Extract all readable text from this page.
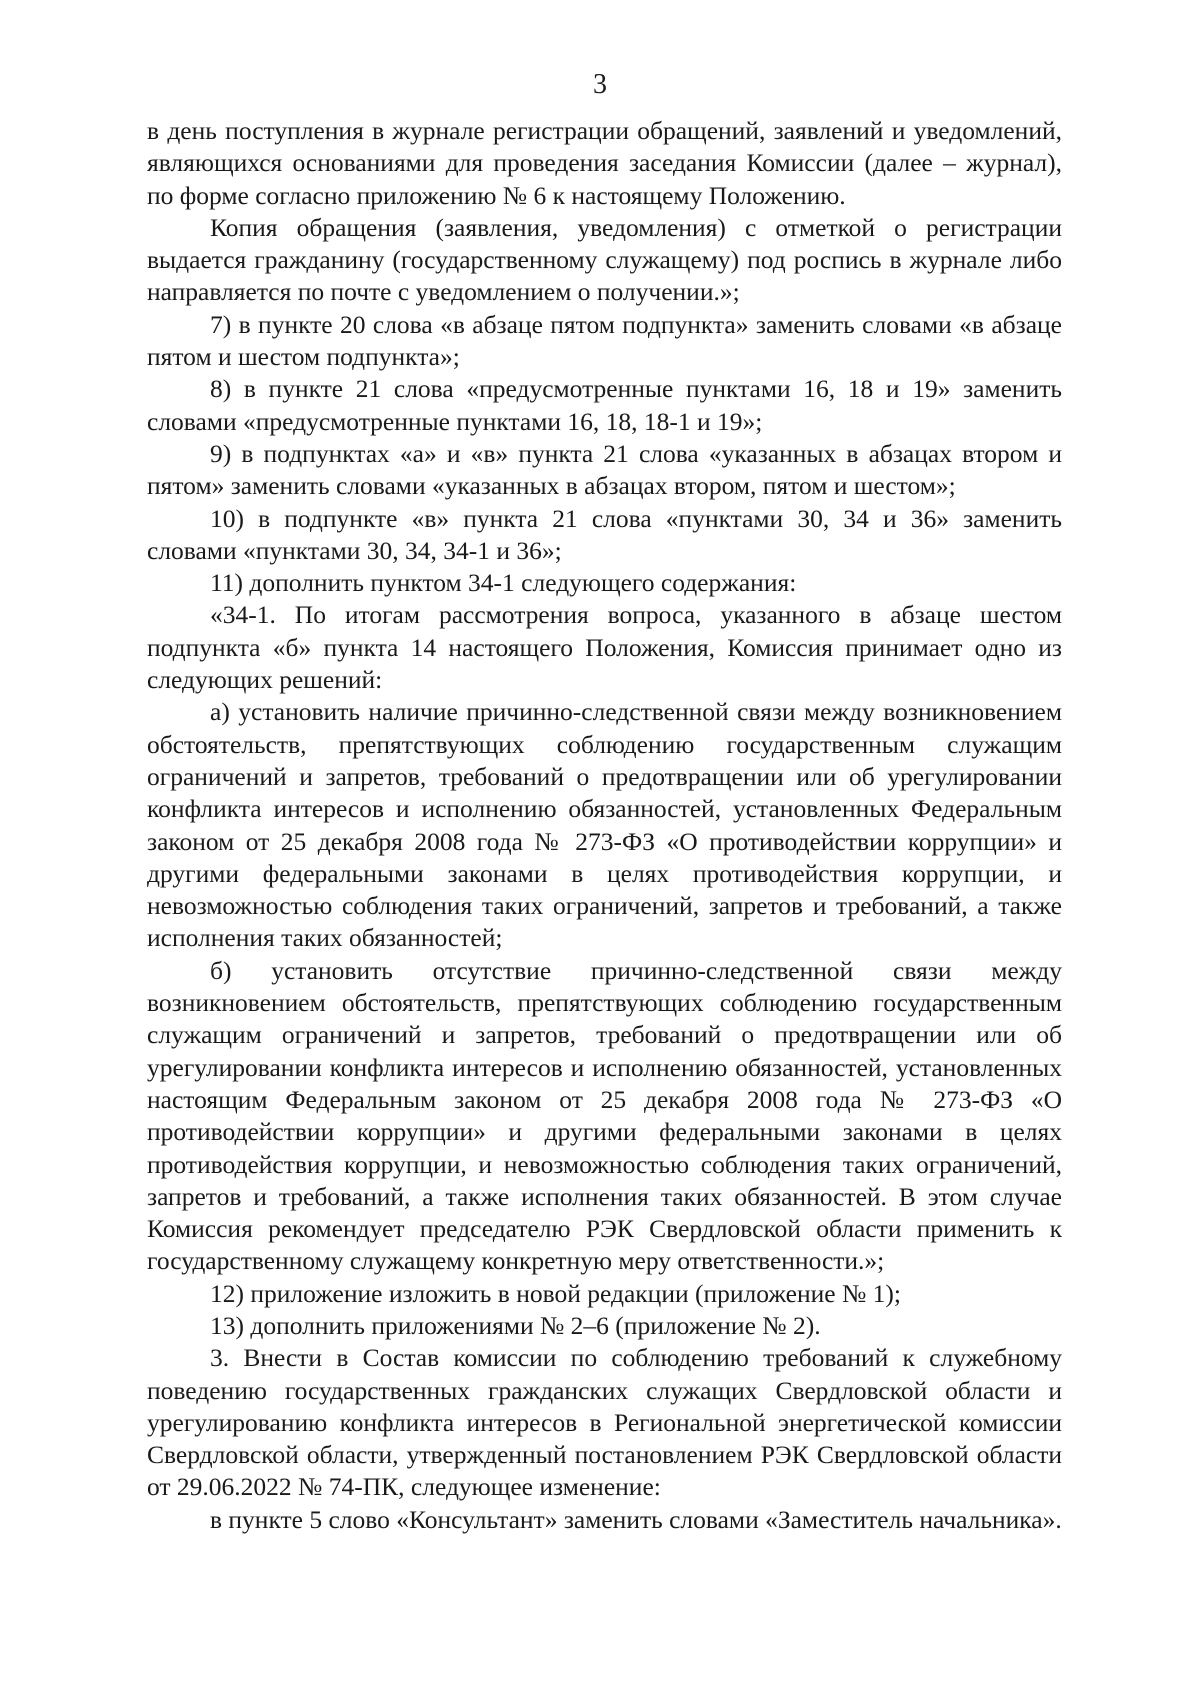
3

в день поступления в журнале регистрации обращений, заявлений и уведомлений, являющихся основаниями для проведения заседания Комиссии (далее – журнал), по форме согласно приложению № 6 к настоящему Положению.

Копия обращения (заявления, уведомления) с отметкой о регистрации выдается гражданину (государственному служащему) под роспись в журнале либо направляется по почте с уведомлением о получении.»;

7) в пункте 20 слова «в абзаце пятом подпункта» заменить словами «в абзаце пятом и шестом подпункта»;

8) в пункте 21 слова «предусмотренные пунктами 16, 18 и 19» заменить словами «предусмотренные пунктами 16, 18, 18-1 и 19»;

9) в подпунктах «а» и «в» пункта 21 слова «указанных в абзацах втором и пятом» заменить словами «указанных в абзацах втором, пятом и шестом»;

10) в подпункте «в» пункта 21 слова «пунктами 30, 34 и 36» заменить словами «пунктами 30, 34, 34-1 и 36»;

11) дополнить пунктом 34-1 следующего содержания:

«34-1. По итогам рассмотрения вопроса, указанного в абзаце шестом подпункта «б» пункта 14 настоящего Положения, Комиссия принимает одно из следующих решений:

а) установить наличие причинно-следственной связи между возникновением обстоятельств, препятствующих соблюдению государственным служащим ограничений и запретов, требований о предотвращении или об урегулировании конфликта интересов и исполнению обязанностей, установленных Федеральным законом от 25 декабря 2008 года № 273-ФЗ «О противодействии коррупции» и другими федеральными законами в целях противодействия коррупции, и невозможностью соблюдения таких ограничений, запретов и требований, а также исполнения таких обязанностей;

б) установить отсутствие причинно-следственной связи между возникновением обстоятельств, препятствующих соблюдению государственным служащим ограничений и запретов, требований о предотвращении или об урегулировании конфликта интересов и исполнению обязанностей, установленных настоящим Федеральным законом от 25 декабря 2008 года № 273-ФЗ «О противодействии коррупции» и другими федеральными законами в целях противодействия коррупции, и невозможностью соблюдения таких ограничений, запретов и требований, а также исполнения таких обязанностей. В этом случае Комиссия рекомендует председателю РЭК Свердловской области применить к государственному служащему конкретную меру ответственности.»;

12) приложение изложить в новой редакции (приложение № 1);

13) дополнить приложениями № 2–6 (приложение № 2).

3. Внести в Состав комиссии по соблюдению требований к служебному поведению государственных гражданских служащих Свердловской области и урегулированию конфликта интересов в Региональной энергетической комиссии Свердловской области, утвержденный постановлением РЭК Свердловской области от 29.06.2022 № 74-ПК, следующее изменение:

в пункте 5 слово «Консультант» заменить словами «Заместитель начальника».
